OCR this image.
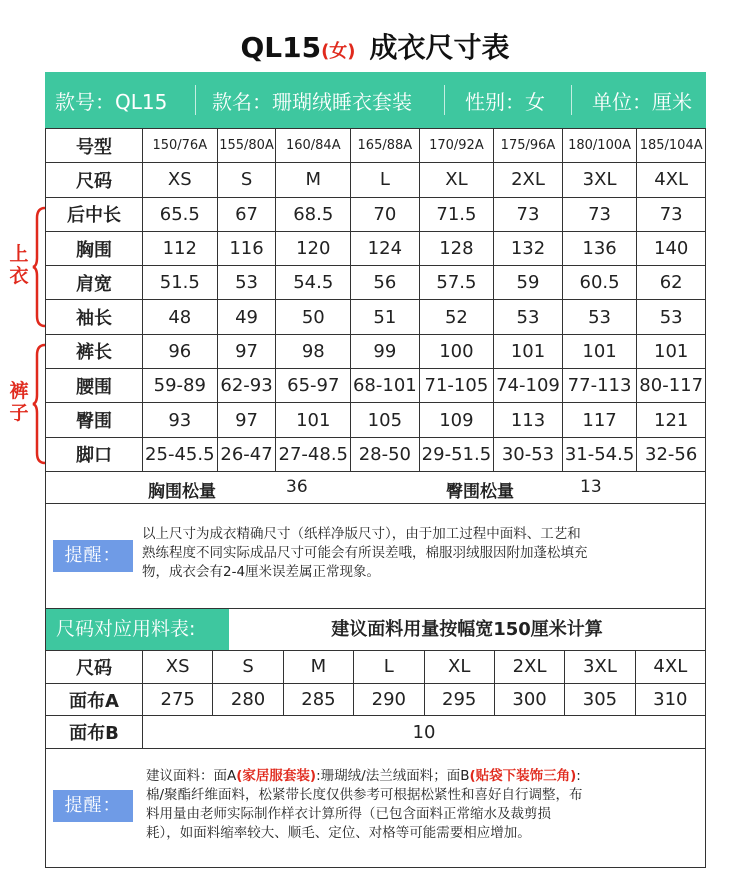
QL15(女) 成衣尺寸表
款号：QL15 款名：珊瑚绒睡衣套装	性别：女 单位：厘米
号型	150/76A	155/80A	160/84A	165/88A	170/92A	175/96A	180/100A	185/104A
尺码	XS	S	M	L	XL	2XL	3XL	4XL
后中长	65.5	67	68.5	70	71.5	73	73	73
胸围	112	116	120	124	128	132	136	140
肩宽	51.5	53	54.5	56	57.5	59	60.5	62
袖长	48	49	50	51	52	53	53	53
裤长	96	97	98	99	100	101	101	101
腰围	59-89	62-93	65-97	68-101	71-105	74-109	77-113	80-117
臀围	93	97	101	105	109	113	117	121
脚口	25-45.5	26-47	27-48.5	28-50	29-51.5	30-53	31-54.5	32-56
上
衣
裤
子
胸围松量	36	臀围松量	13
提醒：
以上尺寸为成衣精确尺寸（纸样净版尺寸），由于加工过程中面料、工艺和
熟练程度不同实际成品尺寸可能会有所误差哦，棉服羽绒服因附加蓬松填充
物，成衣会有2-4厘米误差属正常现象。
尺码对应用料表:	建议面料用量按幅宽150厘米计算
尺码	XS	S	M	L	XL	2XL	3XL	4XL
面布A	275	280	285	290	295	300	305	310
面布B	10							
提醒：
建议面料：面A(家居服套装):珊瑚绒/法兰绒面料；面B(贴袋下装饰三角):
棉/聚酯纤维面料，松紧带长度仅供参考可根据松紧性和喜好自行调整，布
料用量由老师实际制作样衣计算所得（已包含面料正常缩水及裁剪损
耗），如面料缩率较大、顺毛、定位、对格等可能需要相应增加。
